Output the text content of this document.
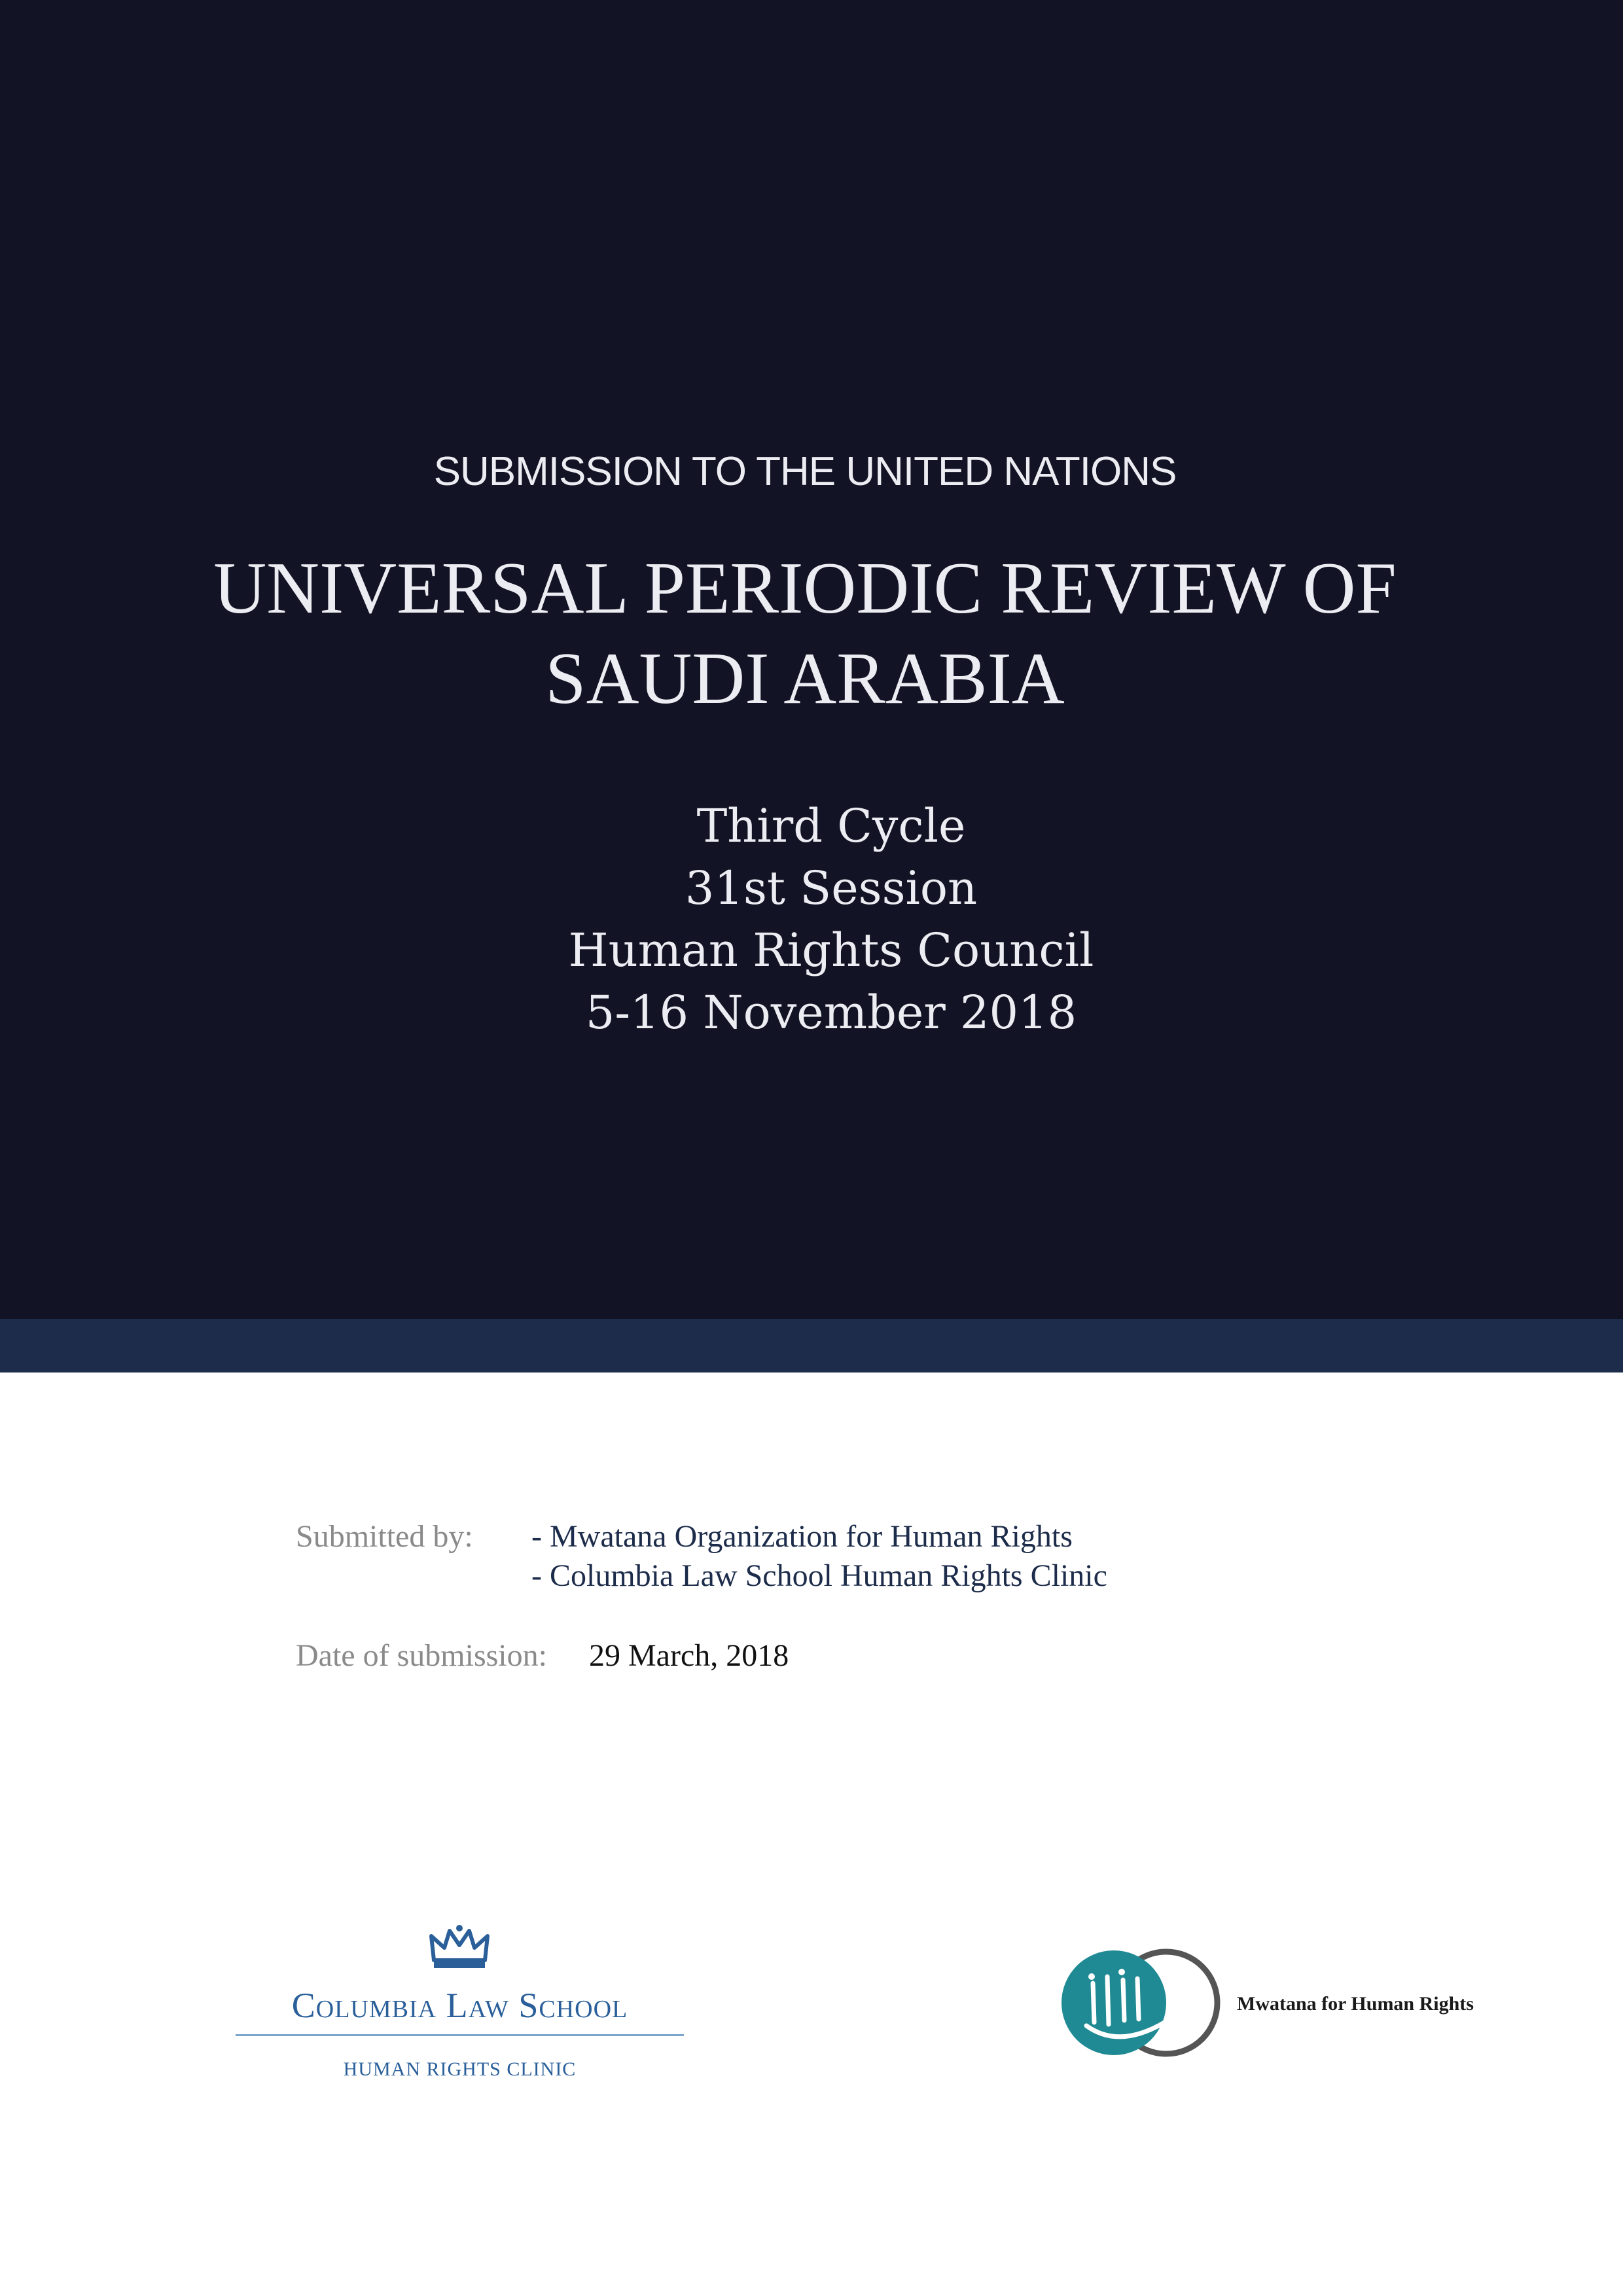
SUBMISSION TO THE UNITED NATIONS

UNIVERSAL PERIODIC REVIEW OF
SAUDI ARABIA
Third Cycle
31st Session
Human Rights Council
5-16 November 2018
Submitted by: - Mwatana Organization for Human Rights
- Columbia Law School Human Rights Clinic
Date of submission: 29 March, 2018
Columbia Law School
HUMAN RIGHTS CLINIC
Mwatana for Human Rights
